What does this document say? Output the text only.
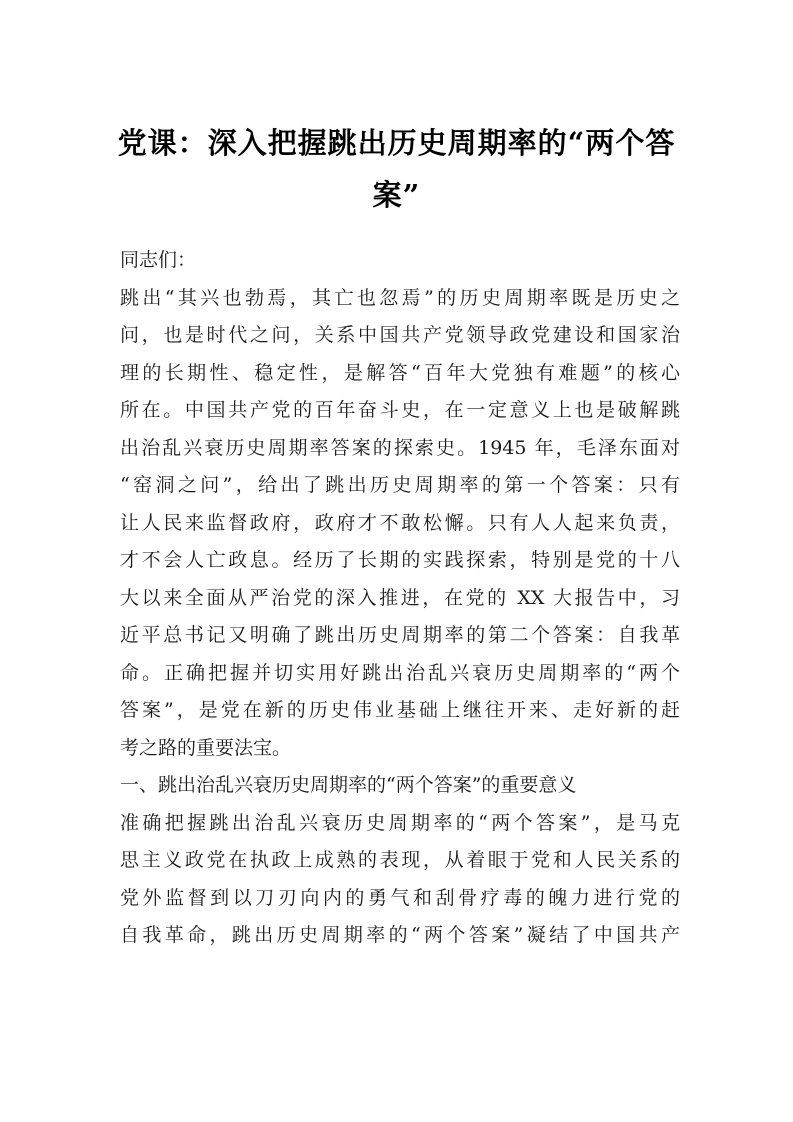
党课：深入把握跳出历史周期率的“两个答
案”
同志们：
跳出“其兴也勃焉，其亡也忽焉”的历史周期率既是历史之
问，也是时代之问，关系中国共产党领导政党建设和国家治
理的长期性、稳定性，是解答“百年大党独有难题”的核心
所在。中国共产党的百年奋斗史，在一定意义上也是破解跳
出治乱兴衰历史周期率答案的探索史。1945 年，毛泽东面对
“窑洞之问”，给出了跳出历史周期率的第一个答案：只有
让人民来监督政府，政府才不敢松懈。只有人人起来负责，
才不会人亡政息。经历了长期的实践探索，特别是党的十八
大以来全面从严治党的深入推进，在党的 XX 大报告中，习
近平总书记又明确了跳出历史周期率的第二个答案：自我革
命。正确把握并切实用好跳出治乱兴衰历史周期率的“两个
答案”，是党在新的历史伟业基础上继往开来、走好新的赶
考之路的重要法宝。
一、跳出治乱兴衰历史周期率的“两个答案”的重要意义
准确把握跳出治乱兴衰历史周期率的“两个答案”，是马克
思主义政党在执政上成熟的表现，从着眼于党和人民关系的
党外监督到以刀刃向内的勇气和刮骨疗毒的魄力进行党的
自我革命，跳出历史周期率的“两个答案”凝结了中国共产
